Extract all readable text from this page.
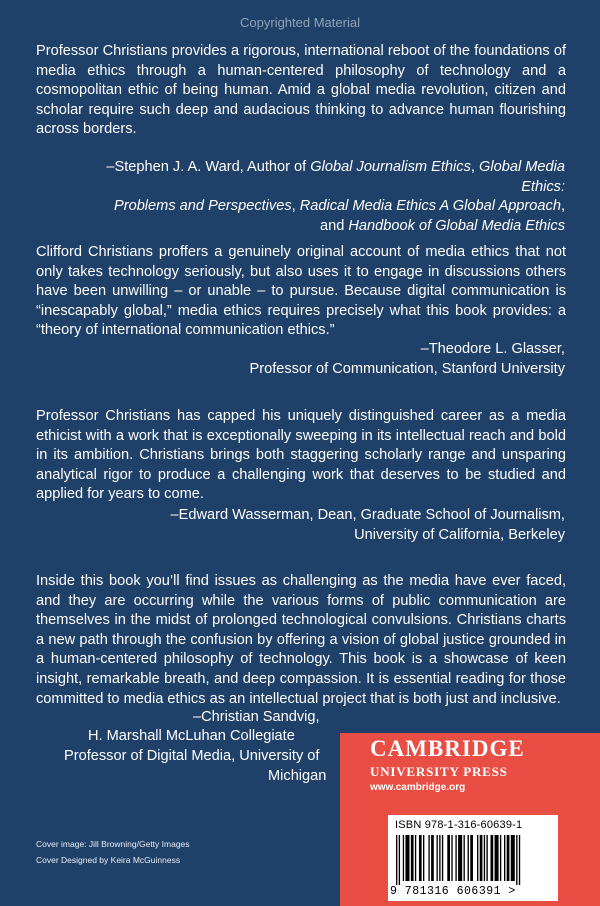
Copyrighted Material
Professor Christians provides a rigorous, international reboot of the foundations of media ethics through a human-centered philosophy of technology and a cosmopolitan ethic of being human. Amid a global media revolution, citizen and scholar require such deep and audacious thinking to advance human flourishing across borders.
–Stephen J. A. Ward, Author of Global Journalism Ethics, Global Media Ethics:
Problems and Perspectives, Radical Media Ethics A Global Approach,
and Handbook of Global Media Ethics
Clifford Christians proffers a genuinely original account of media ethics that not only takes technology seriously, but also uses it to engage in discussions others have been unwilling – or unable – to pursue. Because digital communication is “inescapably global,” media ethics requires precisely what this book provides: a “theory of international communication ethics.”
–Theodore L. Glasser,
Professor of Communication, Stanford University
Professor Christians has capped his uniquely distinguished career as a media ethicist with a work that is exceptionally sweeping in its intellectual reach and bold in its ambition. Christians brings both staggering scholarly range and unsparing analytical rigor to produce a challenging work that deserves to be studied and applied for years to come.
–Edward Wasserman, Dean, Graduate School of Journalism,
University of California, Berkeley
Inside this book you’ll find issues as challenging as the media have ever faced, and they are occurring while the various forms of public communication are themselves in the midst of prolonged technological convulsions. Christians charts a new path through the confusion by offering a vision of global justice grounded in a human-centered philosophy of technology. This book is a showcase of keen insight, remarkable breath, and deep compassion. It is essential reading for those committed to media ethics as an intellectual project that is both just and inclusive.
–Christian Sandvig,
H. Marshall McLuhan Collegiate
Professor of Digital Media, University of
Michigan
Cover image: Jill Browning/Getty Images
Cover Designed by Keira McGuinness
CAMBRIDGE
UNIVERSITY PRESS
www.cambridge.org
ISBN 978-1-316-60639-1
9 781316 606391 >
